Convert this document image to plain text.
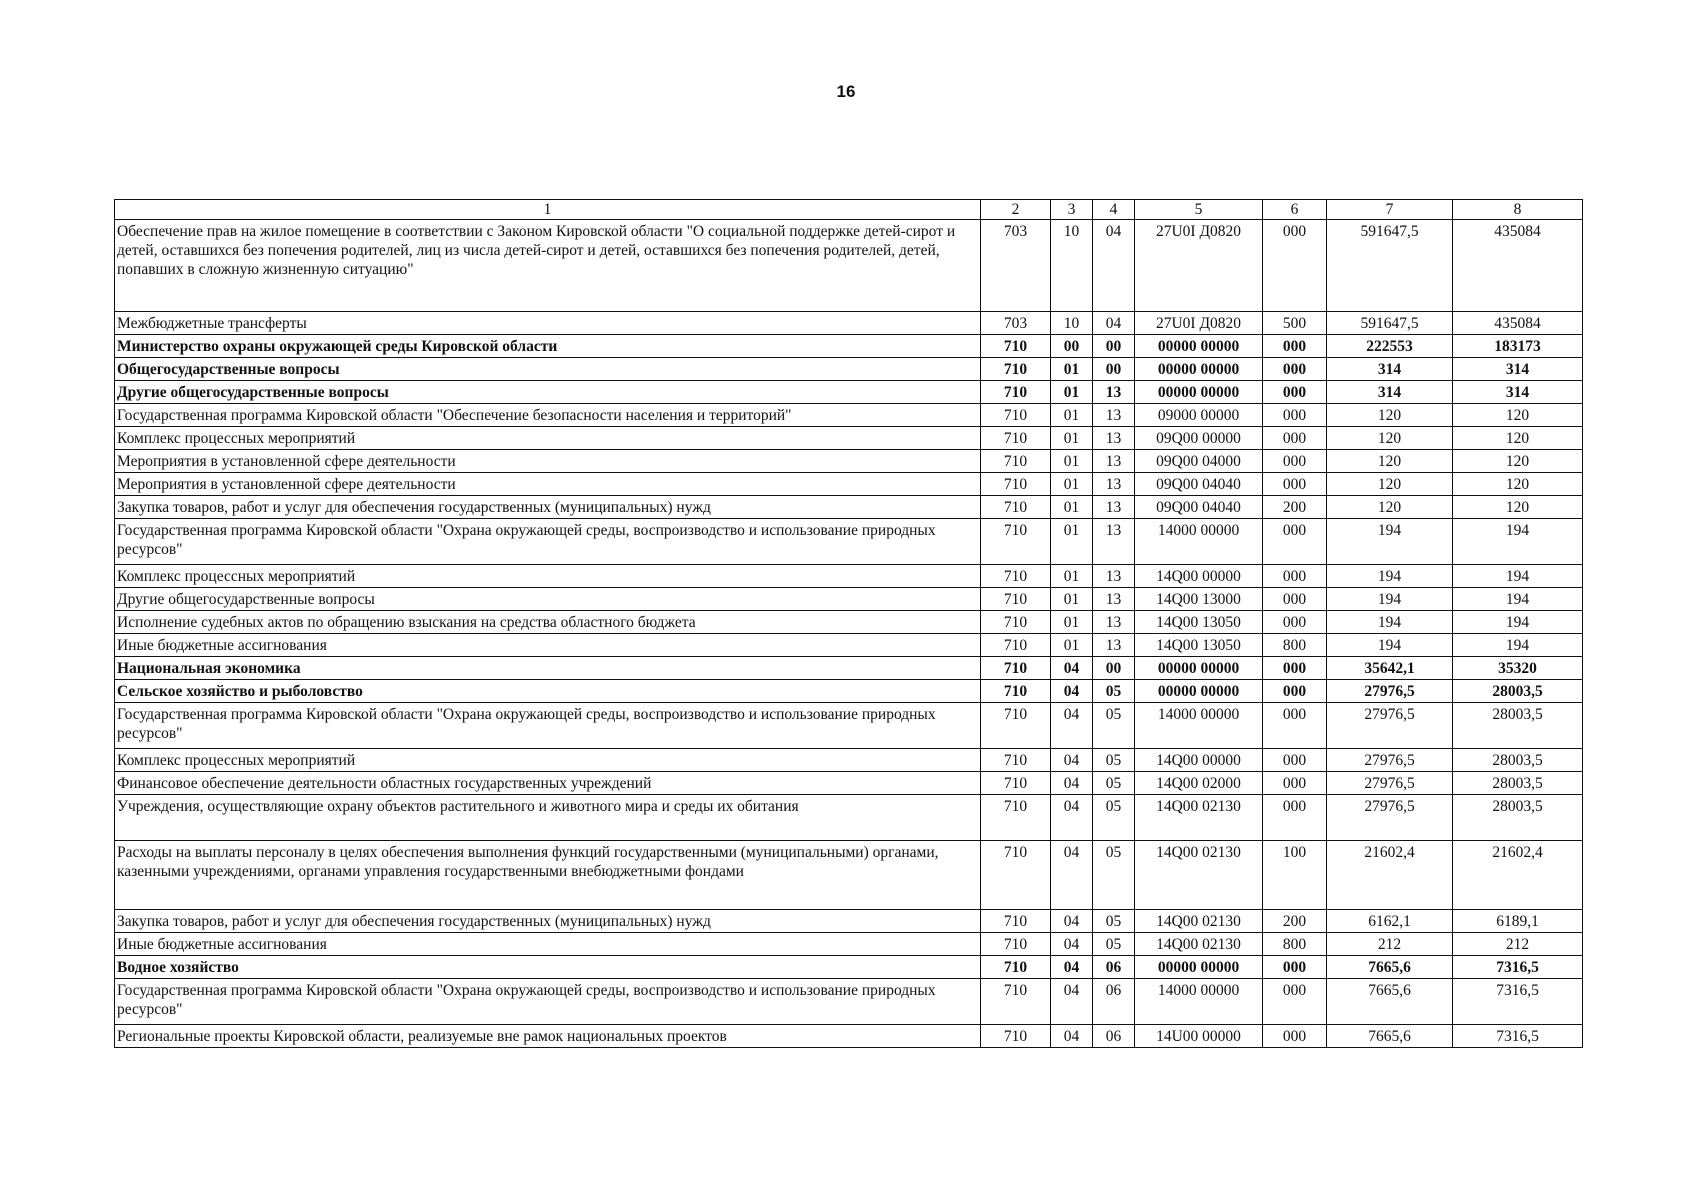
16
1	2	3	4	5	6	7	8
Обеспечение прав на жилое помещение в соответствии с Законом Кировской области "О социальной поддержке детей-сирот и детей, оставшихся без попечения родителей, лиц из числа детей-сирот и детей, оставшихся без попечения родителей, детей, попавших в сложную жизненную ситуацию"	703	10	04	27U0I Д0820	000	591647,5	435084
Межбюджетные трансферты	703	10	04	27U0I Д0820	500	591647,5	435084
Министерство охраны окружающей среды Кировской области	710	00	00	00000 00000	000	222553	183173
Общегосударственные вопросы	710	01	00	00000 00000	000	314	314
Другие общегосударственные вопросы	710	01	13	00000 00000	000	314	314
Государственная программа Кировской области "Обеспечение безопасности населения и территорий"	710	01	13	09000 00000	000	120	120
Комплекс процессных мероприятий	710	01	13	09Q00 00000	000	120	120
Мероприятия в установленной сфере деятельности	710	01	13	09Q00 04000	000	120	120
Мероприятия в установленной сфере деятельности	710	01	13	09Q00 04040	000	120	120
Закупка товаров, работ и услуг для обеспечения государственных (муниципальных) нужд	710	01	13	09Q00 04040	200	120	120
Государственная программа Кировской области "Охрана окружающей среды, воспроизводство и использование природных ресурсов"	710	01	13	14000 00000	000	194	194
Комплекс процессных мероприятий	710	01	13	14Q00 00000	000	194	194
Другие общегосударственные вопросы	710	01	13	14Q00 13000	000	194	194
Исполнение судебных актов по обращению взыскания на средства областного бюджета	710	01	13	14Q00 13050	000	194	194
Иные бюджетные ассигнования	710	01	13	14Q00 13050	800	194	194
Национальная экономика	710	04	00	00000 00000	000	35642,1	35320
Сельское хозяйство и рыболовство	710	04	05	00000 00000	000	27976,5	28003,5
Государственная программа Кировской области "Охрана окружающей среды, воспроизводство и использование природных ресурсов"	710	04	05	14000 00000	000	27976,5	28003,5
Комплекс процессных мероприятий	710	04	05	14Q00 00000	000	27976,5	28003,5
Финансовое обеспечение деятельности областных государственных учреждений	710	04	05	14Q00 02000	000	27976,5	28003,5
Учреждения, осуществляющие охрану объектов растительного и животного мира и среды их обитания	710	04	05	14Q00 02130	000	27976,5	28003,5
Расходы на выплаты персоналу в целях обеспечения выполнения функций государственными (муниципальными) органами, казенными учреждениями, органами управления государственными внебюджетными фондами	710	04	05	14Q00 02130	100	21602,4	21602,4
Закупка товаров, работ и услуг для обеспечения государственных (муниципальных) нужд	710	04	05	14Q00 02130	200	6162,1	6189,1
Иные бюджетные ассигнования	710	04	05	14Q00 02130	800	212	212
Водное хозяйство	710	04	06	00000 00000	000	7665,6	7316,5
Государственная программа Кировской области "Охрана окружающей среды, воспроизводство и использование природных ресурсов"	710	04	06	14000 00000	000	7665,6	7316,5
Региональные проекты Кировской области, реализуемые вне рамок национальных проектов	710	04	06	14U00 00000	000	7665,6	7316,5
